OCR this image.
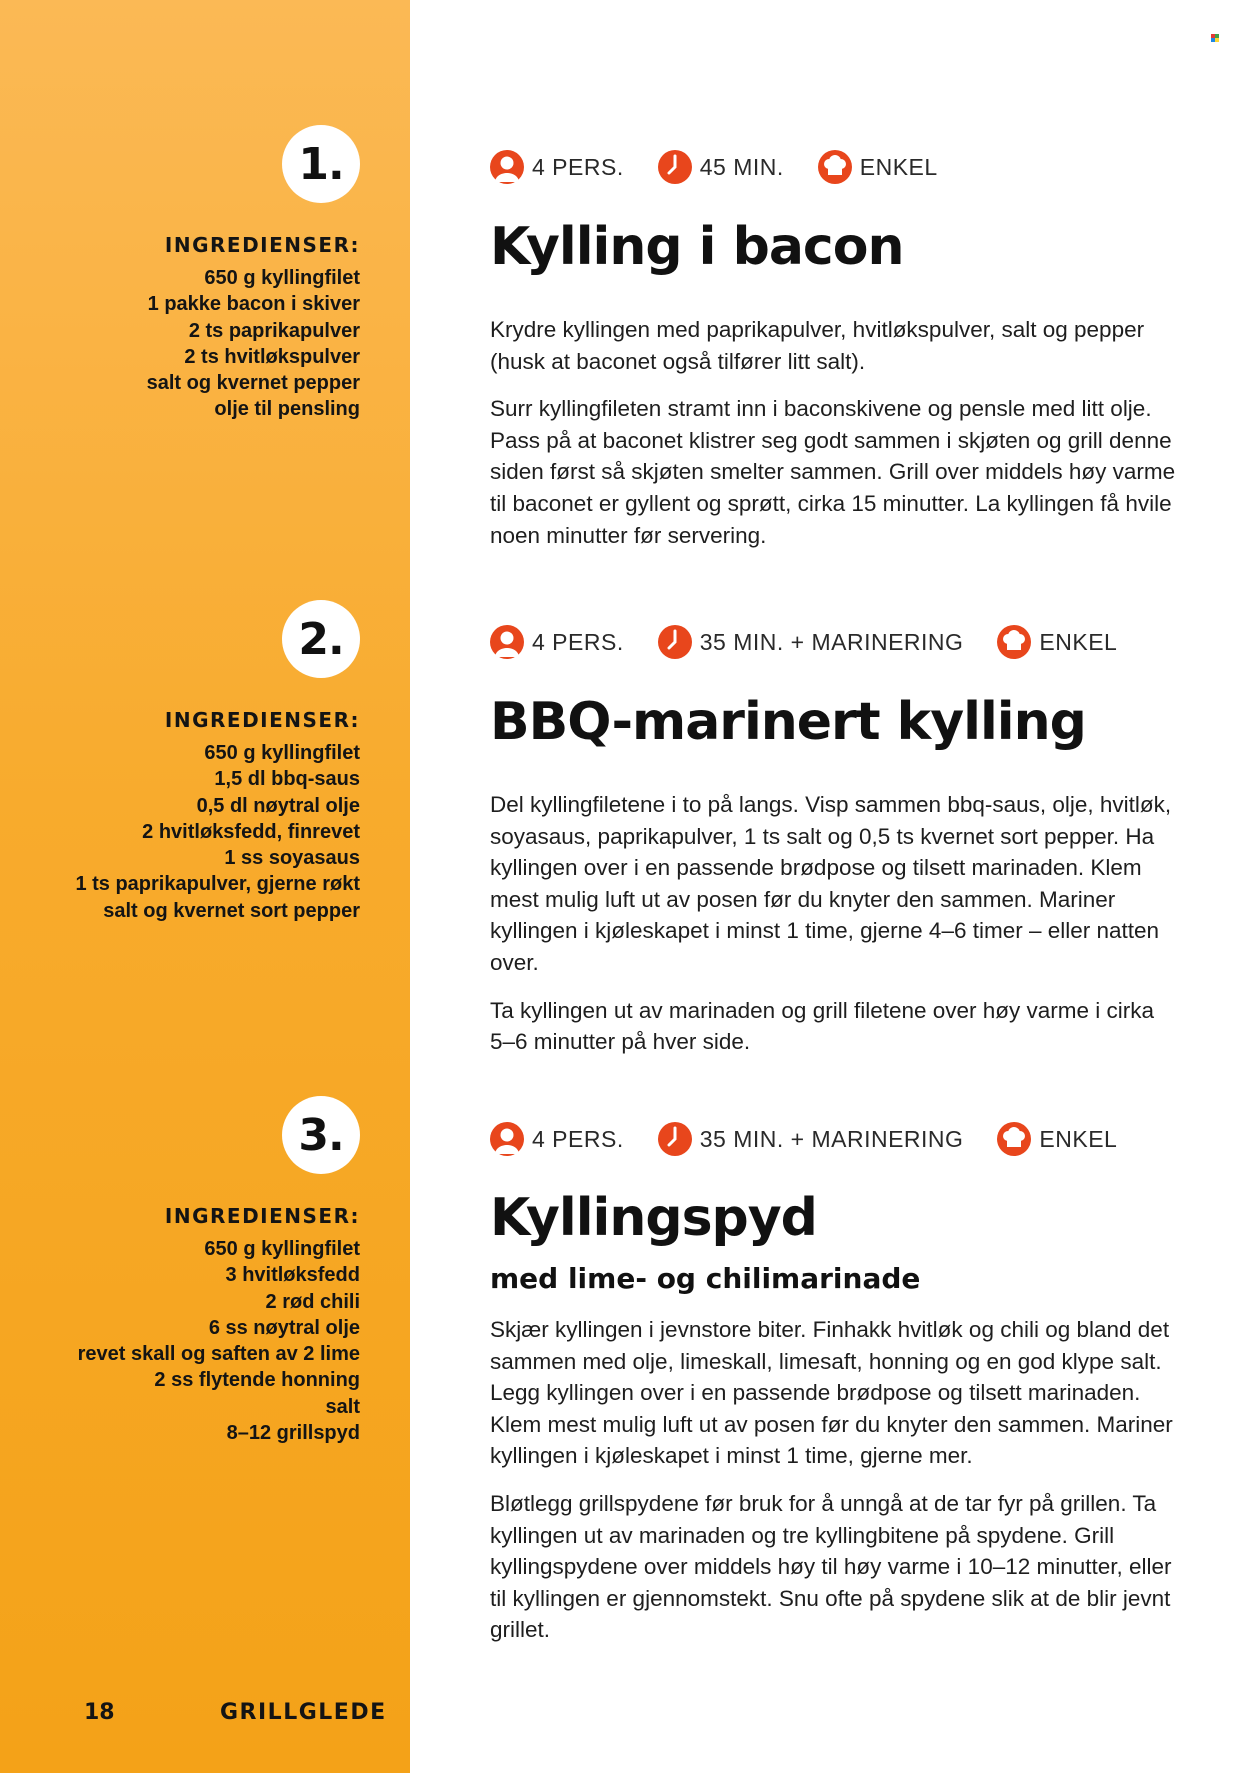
1.
INGREDIENSER:
650 g kyllingfilet
1 pakke bacon i skiver
2 ts paprikapulver
2 ts hvitløkspulver
salt og kvernet pepper
olje til pensling
4 PERS.	45 MIN.	ENKEL
Kylling i bacon

Krydre kyllingen med paprikapulver, hvitløkspulver, salt og pepper (husk at baconet også tilfører litt salt).

Surr kyllingfileten stramt inn i baconskivene og pensle med litt olje. Pass på at baconet klistrer seg godt sammen i skjøten og grill denne siden først så skjøten smelter sammen. Grill over middels høy varme til baconet er gyllent og sprøtt, cirka 15 minutter. La kyllingen få hvile noen minutter før servering.

2.
INGREDIENSER:
650 g kyllingfilet
1,5 dl bbq-saus
0,5 dl nøytral olje
2 hvitløksfedd, finrevet
1 ss soyasaus
1 ts paprikapulver, gjerne røkt
salt og kvernet sort pepper
4 PERS.	35 MIN. + MARINERING	ENKEL
BBQ-marinert kylling

Del kyllingfiletene i to på langs. Visp sammen bbq-saus, olje, hvitløk, soyasaus, paprikapulver, 1 ts salt og 0,5 ts kvernet sort pepper. Ha kyllingen over i en passende brødpose og tilsett marinaden. Klem mest mulig luft ut av posen før du knyter den sammen. Mariner kyllingen i kjøleskapet i minst 1 time, gjerne 4–6 timer – eller natten over.

Ta kyllingen ut av marinaden og grill filetene over høy varme i cirka 5–6 minutter på hver side.

3.
INGREDIENSER:
650 g kyllingfilet
3 hvitløksfedd
2 rød chili
6 ss nøytral olje
revet skall og saften av 2 lime
2 ss flytende honning
salt
8–12 grillspyd
4 PERS.	35 MIN. + MARINERING	ENKEL
Kyllingspyd
med lime- og chilimarinade

Skjær kyllingen i jevnstore biter. Finhakk hvitløk og chili og bland det sammen med olje, limeskall, limesaft, honning og en god klype salt. Legg kyllingen over i en passende brødpose og tilsett marinaden. Klem mest mulig luft ut av posen før du knyter den sammen. Mariner kyllingen i kjøleskapet i minst 1 time, gjerne mer.

Bløtlegg grillspydene før bruk for å unngå at de tar fyr på grillen. Ta kyllingen ut av marinaden og tre kyllingbitene på spydene. Grill kyllingspydene over middels høy til høy varme i 10–12 minutter, eller til kyllingen er gjennomstekt. Snu ofte på spydene slik at de blir jevnt grillet.

18	GRILLGLEDE
